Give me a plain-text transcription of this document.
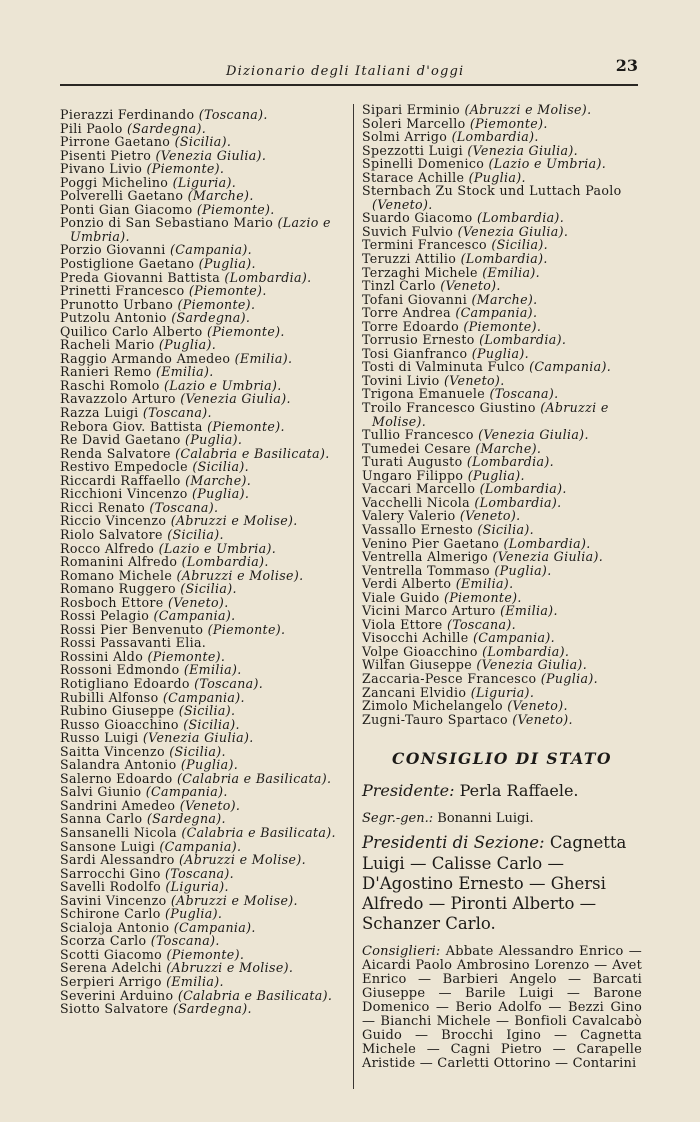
Dizionario degli Italiani d'oggi	23
Pierazzi Ferdinando (Toscana).
Pili Paolo (Sardegna).
Pirrone Gaetano (Sicilia).
Pisenti Pietro (Venezia Giulia).
Pivano Livio (Piemonte).
Poggi Michelino (Liguria).
Polverelli Gaetano (Marche).
Ponti Gian Giacomo (Piemonte).
Ponzio di San Sebastiano Mario (Lazio e Umbria).
Porzio Giovanni (Campania).
Postiglione Gaetano (Puglia).
Preda Giovanni Battista (Lombardia).
Prinetti Francesco (Piemonte).
Prunotto Urbano (Piemonte).
Putzolu Antonio (Sardegna).
Quilico Carlo Alberto (Piemonte).
Racheli Mario (Puglia).
Raggio Armando Amedeo (Emilia).
Ranieri Remo (Emilia).
Raschi Romolo (Lazio e Umbria).
Ravazzolo Arturo (Venezia Giulia).
Razza Luigi (Toscana).
Rebora Giov. Battista (Piemonte).
Re David Gaetano (Puglia).
Renda Salvatore (Calabria e Basilicata).
Restivo Empedocle (Sicilia).
Riccardi Raffaello (Marche).
Ricchioni Vincenzo (Puglia).
Ricci Renato (Toscana).
Riccio Vincenzo (Abruzzi e Molise).
Riolo Salvatore (Sicilia).
Rocco Alfredo (Lazio e Umbria).
Romanini Alfredo (Lombardia).
Romano Michele (Abruzzi e Molise).
Romano Ruggero (Sicilia).
Rosboch Ettore (Veneto).
Rossi Pelagio (Campania).
Rossi Pier Benvenuto (Piemonte).
Rossi Passavanti Elia.
Rossini Aldo (Piemonte).
Rossoni Edmondo (Emilia).
Rotigliano Edoardo (Toscana).
Rubilli Alfonso (Campania).
Rubino Giuseppe (Sicilia).
Russo Gioacchino (Sicilia).
Russo Luigi (Venezia Giulia).
Saitta Vincenzo (Sicilia).
Salandra Antonio (Puglia).
Salerno Edoardo (Calabria e Basilicata).
Salvi Giunio (Campania).
Sandrini Amedeo (Veneto).
Sanna Carlo (Sardegna).
Sansanelli Nicola (Calabria e Basilicata).
Sansone Luigi (Campania).
Sardi Alessandro (Abruzzi e Molise).
Sarrocchi Gino (Toscana).
Savelli Rodolfo (Liguria).
Savini Vincenzo (Abruzzi e Molise).
Schirone Carlo (Puglia).
Scialoja Antonio (Campania).
Scorza Carlo (Toscana).
Scotti Giacomo (Piemonte).
Serena Adelchi (Abruzzi e Molise).
Serpieri Arrigo (Emilia).
Severini Arduino (Calabria e Basilicata).
Siotto Salvatore (Sardegna).
Sipari Erminio (Abruzzi e Molise).
Soleri Marcello (Piemonte).
Solmi Arrigo (Lombardia).
Spezzotti Luigi (Venezia Giulia).
Spinelli Domenico (Lazio e Umbria).
Starace Achille (Puglia).
Sternbach Zu Stock und Luttach Paolo (Veneto).
Suardo Giacomo (Lombardia).
Suvich Fulvio (Venezia Giulia).
Termini Francesco (Sicilia).
Teruzzi Attilio (Lombardia).
Terzaghi Michele (Emilia).
Tinzl Carlo (Veneto).
Tofani Giovanni (Marche).
Torre Andrea (Campania).
Torre Edoardo (Piemonte).
Torrusio Ernesto (Lombardia).
Tosi Gianfranco (Puglia).
Tosti di Valminuta Fulco (Campania).
Tovini Livio (Veneto).
Trigona Emanuele (Toscana).
Troilo Francesco Giustino (Abruzzi e Molise).
Tullio Francesco (Venezia Giulia).
Tumedei Cesare (Marche).
Turati Augusto (Lombardia).
Ungaro Filippo (Puglia).
Vaccari Marcello (Lombardia).
Vacchelli Nicola (Lombardia).
Valery Valerio (Veneto).
Vassallo Ernesto (Sicilia).
Venino Pier Gaetano (Lombardia).
Ventrella Almerigo (Venezia Giulia).
Ventrella Tommaso (Puglia).
Verdi Alberto (Emilia).
Viale Guido (Piemonte).
Vicini Marco Arturo (Emilia).
Viola Ettore (Toscana).
Visocchi Achille (Campania).
Volpe Gioacchino (Lombardia).
Wilfan Giuseppe (Venezia Giulia).
Zaccaria-Pesce Francesco (Puglia).
Zancani Elvidio (Liguria).
Zimolo Michelangelo (Veneto).
Zugni-Tauro Spartaco (Veneto).
CONSIGLIO DI STATO
Presidente: Perla Raffaele.
Segr.-gen.: Bonanni Luigi.
Presidenti di Sezione: Cagnetta Luigi — Calisse Carlo — D'Agostino Ernesto — Ghersi Alfredo — Pironti Alberto — Schanzer Carlo.
Consiglieri: Abbate Alessandro Enrico — Aicardi Paolo Ambrosino Lorenzo — Avet Enrico — Barbieri Angelo — Barcati Giuseppe — Barile Luigi — Barone Domenico — Berio Adolfo — Bezzi Gino — Bianchi Michele — Bonfioli Cavalcabò Guido — Brocchi Igino — Cagnetta Michele — Cagni Pietro — Carapelle Aristide — Carletti Ottorino — Contarini
